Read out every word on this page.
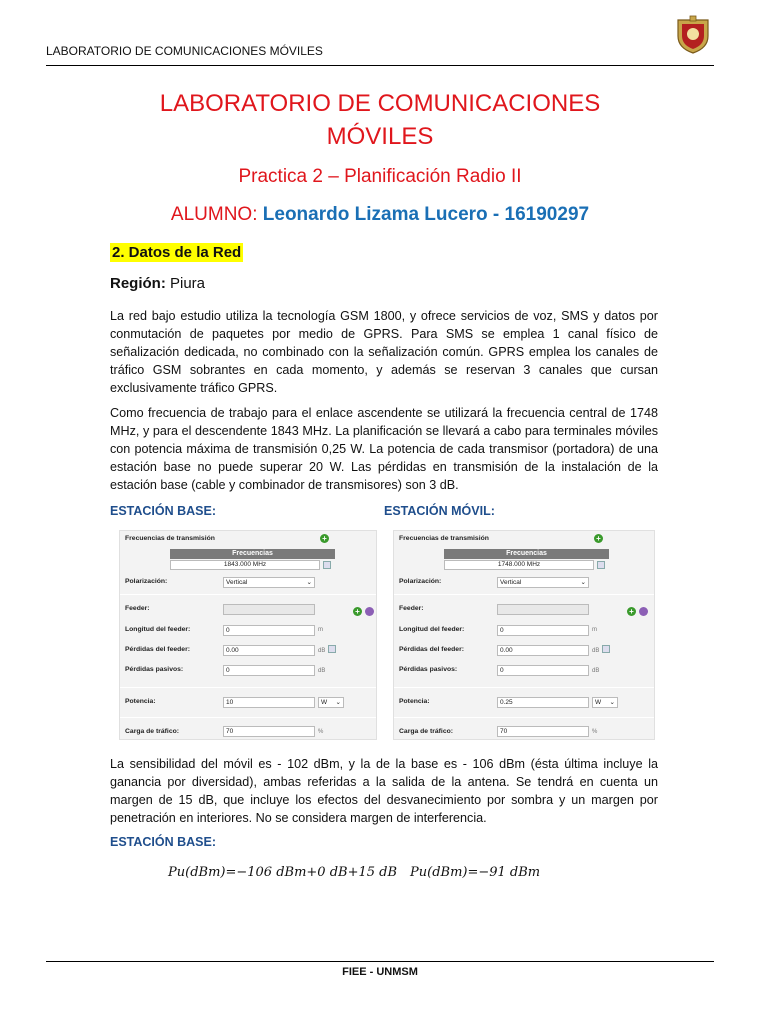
LABORATORIO DE COMUNICACIONES MÓVILES
LABORATORIO DE COMUNICACIONES
MÓVILES
Practica 2 – Planificación Radio II
ALUMNO: Leonardo Lizama Lucero - 16190297
2. Datos de la Red
Región: Piura
La red bajo estudio utiliza la tecnología GSM 1800, y ofrece servicios de voz, SMS y datos por conmutación de paquetes por medio de GPRS. Para SMS se emplea 1 canal físico de señalización dedicada, no combinado con la señalización común. GPRS emplea los canales de tráfico GSM sobrantes en cada momento, y además se reservan 3 canales que cursan exclusivamente tráfico GPRS.
Como frecuencia de trabajo para el enlace ascendente se utilizará la frecuencia central de 1748 MHz, y para el descendente 1843 MHz. La planificación se llevará a cabo para terminales móviles con potencia máxima de transmisión 0,25 W. La potencia de cada transmisor (portadora) de una estación base no puede superar 20 W. Las pérdidas en transmisión de la instalación de la estación base (cable y combinador de transmisores) son 3 dB.
ESTACIÓN BASE:	ESTACIÓN MÓVIL:
Frecuencias de transmisión	+
Frecuencias
1843.000 MHz
Polarización:	Vertical	⌄
Feeder:	+
Longitud del feeder:	0	m
Pérdidas del feeder:	0.00	dB
Pérdidas pasivos:	0	dB
Potencia:	10	W ⌄
Carga de tráfico:	70	%
Frecuencias de transmisión	+
Frecuencias
1748.000 MHz
Polarización:	Vertical	⌄
Feeder:	+
Longitud del feeder:	0	m
Pérdidas del feeder:	0.00	dB
Pérdidas pasivos:	0	dB
Potencia:	0.25	W ⌄
Carga de tráfico:	70	%
La sensibilidad del móvil es - 102 dBm, y la de la base es - 106 dBm (ésta última incluye la ganancia por diversidad), ambas referidas a la salida de la antena. Se tendrá en cuenta un margen de 15 dB, que incluye los efectos del desvanecimiento por sombra y un margen por penetración en interiores. No se considera margen de interferencia.
ESTACIÓN BASE:
Pu(dBm)=−106 dBm+0 dB+15 dB Pu(dBm)=−91 dBm
FIEE - UNMSM
